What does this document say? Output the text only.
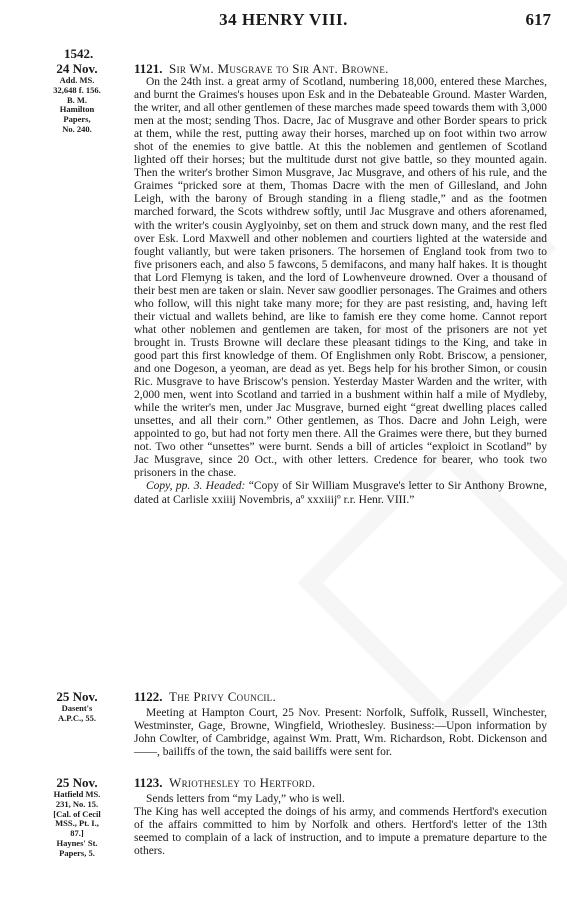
34 HENRY VIII.	617
1542.
24 Nov.
Add. MS.
32,648 f. 156.
B. M.
Hamilton
Papers,
No. 240.
1121. Sir Wm. Musgrave to Sir Ant. Browne.

On the 24th inst. a great army of Scotland, numbering 18,000, entered these Marches, and burnt the Graimes's houses upon Esk and in the Debateable Ground. Master Warden, the writer, and all other gentlemen of these marches made speed towards them with 3,000 men at the most; sending Thos. Dacre, Jac of Musgrave and other Border spears to prick at them, while the rest, putting away their horses, marched up on foot within two arrow shot of the enemies to give battle. At this the noblemen and gentlemen of Scotland lighted off their horses; but the multitude durst not give battle, so they mounted again. Then the writer's brother Simon Musgrave, Jac Musgrave, and others of his rule, and the Graimes “pricked sore at them, Thomas Dacre with the men of Gillesland, and John Leigh, with the barony of Brough standing in a flieng stadle,” and as the footmen marched forward, the Scots withdrew softly, until Jac Musgrave and others aforenamed, with the writer's cousin Ayglyoinby, set on them and struck down many, and the rest fled over Esk. Lord Maxwell and other noblemen and courtiers lighted at the waterside and fought valiantly, but were taken prisoners. The horsemen of England took from two to five prisoners each, and also 5 fawcons, 5 demifacons, and many half hakes. It is thought that Lord Flemyng is taken, and the lord of Lowhenveure drowned. Over a thousand of their best men are taken or slain. Never saw goodlier personages. The Graimes and others who follow, will this night take many more; for they are past resisting, and, having left their victual and wallets behind, are like to famish ere they come home. Cannot report what other noblemen and gentlemen are taken, for most of the prisoners are not yet brought in. Trusts Browne will declare these pleasant tidings to the King, and take in good part this first knowledge of them. Of Englishmen only Robt. Briscow, a pensioner, and one Dogeson, a yeoman, are dead as yet. Begs help for his brother Simon, or cousin Ric. Musgrave to have Briscow's pension. Yesterday Master Warden and the writer, with 2,000 men, went into Scotland and tarried in a bushment within half a mile of Mydleby, while the writer's men, under Jac Musgrave, burned eight “great dwelling places called unsettes, and all their corn.” Other gentlemen, as Thos. Dacre and John Leigh, were appointed to go, but had not forty men there. All the Graimes were there, but they burned not. Two other “unsettes” were burnt. Sends a bill of articles “exploict in Scotland” by Jac Musgrave, since 20 Oct., with other letters. Credence for bearer, who took two prisoners in the chase.

Copy, pp. 3. Headed: “Copy of Sir William Musgrave's letter to Sir Anthony Browne, dated at Carlisle xxiiij Novembris, aº xxxiiijº r.r. Henr. VIII.”

25 Nov.
Dasent's
A.P.C., 55.
1122. The Privy Council.

Meeting at Hampton Court, 25 Nov. Present: Norfolk, Suffolk, Russell, Winchester, Westminster, Gage, Browne, Wingfield, Wriothesley. Business:—Upon information by John Cowlter, of Cambridge, against Wm. Pratt, Wm. Richardson, Robt. Dickenson and ——, bailiffs of the town, the said bailiffs were sent for.

25 Nov.
Hatfield MS.
231, No. 15.
[Cal. of Cecil
MSS., Pt. I.,
87.]
Haynes' St.
Papers, 5.
1123. Wriothesley to Hertford.

Sends letters from “my Lady,” who is well.

The King has well accepted the doings of his army, and commends Hertford's execution of the affairs committed to him by Norfolk and others. Hertford's letter of the 13th seemed to complain of a lack of instruction, and to impute a premature departure to the others.
